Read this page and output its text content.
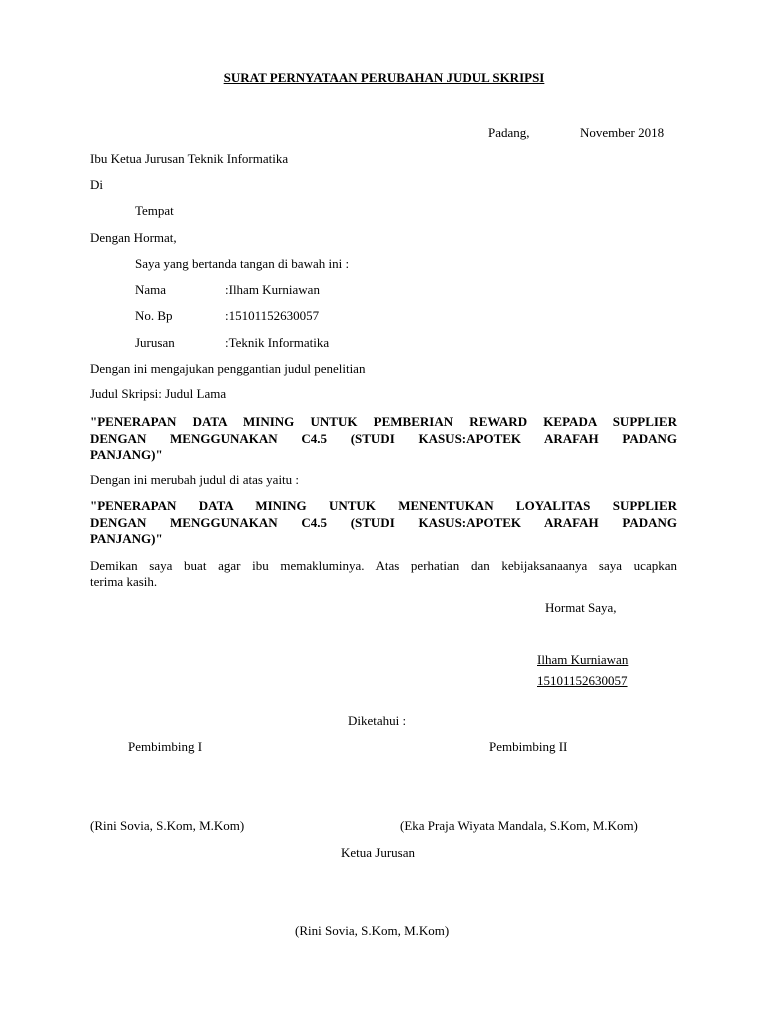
SURAT PERNYATAAN PERUBAHAN JUDUL SKRIPSI
Padang,	November 2018
Ibu Ketua Jurusan Teknik Informatika
Di
Tempat
Dengan Hormat,
Saya yang bertanda tangan di bawah ini :
Nama	:Ilham Kurniawan
No. Bp	:15101152630057
Jurusan	:Teknik Informatika
Dengan ini mengajukan penggantian judul penelitian
Judul Skripsi: Judul Lama
"PENERAPAN DATA MINING UNTUK PEMBERIAN REWARD KEPADA SUPPLIER
DENGAN MENGGUNAKAN C4.5 (STUDI KASUS:APOTEK ARAFAH PADANG
PANJANG)"
Dengan ini merubah judul di atas yaitu :
"PENERAPAN DATA MINING UNTUK MENENTUKAN LOYALITAS SUPPLIER
DENGAN MENGGUNAKAN C4.5 (STUDI KASUS:APOTEK ARAFAH PADANG
PANJANG)"
Demikan saya buat agar ibu memakluminya. Atas perhatian dan kebijaksanaanya saya ucapkan
terima kasih.
Hormat Saya,
Ilham Kurniawan
15101152630057
Diketahui :
Pembimbing I	Pembimbing II
(Rini Sovia, S.Kom, M.Kom)	(Eka Praja Wiyata Mandala, S.Kom, M.Kom)
Ketua Jurusan
(Rini Sovia, S.Kom, M.Kom)
